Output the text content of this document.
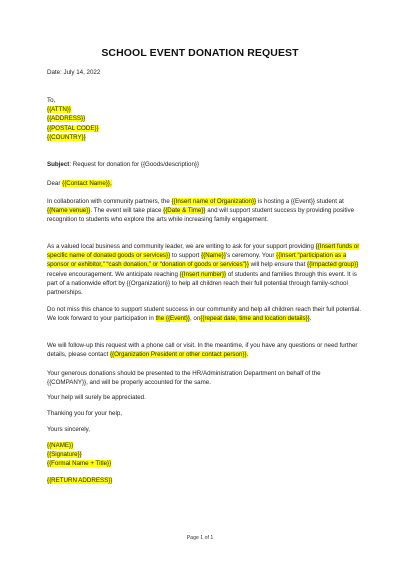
SCHOOL EVENT DONATION REQUEST
Date: July 14, 2022
To,
{{ATTN}}
{{ADDRESS}}
{{POSTAL CODE}}
{{COUNTRY}}
Subject: Request for donation for {{Goods/description}}
Dear {{Contact Name}},
In collaboration with community partners, the {{Insert name of Organization}} is hosting a {{Event}} student at {{Name venue}}. The event will take place {{Date & Time}} and will support student success by providing positive recognition to students who explore the arts while increasing family engagement.
As a valued local business and community leader, we are writing to ask for your support providing {{Insert funds or specific name of donated goods or services}} to support {{Name}}'s ceremony. Your {{Insert “participation as a sponsor or exhibitor,” “cash donation,” or “donation of goods or services”}} will help ensure that {{Impacted group}} receive encouragement. We anticipate reaching {{Insert number}} of students and families through this event. It is part of a nationwide effort by {{Organization}} to help all children reach their full potential through family-school partnerships.
Do not miss this chance to support student success in our community and help all children reach their full potential. We look forward to your participation in the {{Event}}, on{{repeat date, time and location details}}.
We will follow-up this request with a phone call or visit. In the meantime, if you have any questions or need further details, please contact {{Organization President or other contact person}}.
Your generous donations should be presented to the HR/Administration Department on behalf of the {{COMPANY}}, and will be properly accounted for the same.
Your help will surely be appreciated.
Thanking you for your help,
Yours sincerely,
{{NAME}}
{{Signature}}
{{Formal Name + Title}}
{{RETURN ADDRESS}}
Page 1 of 1
